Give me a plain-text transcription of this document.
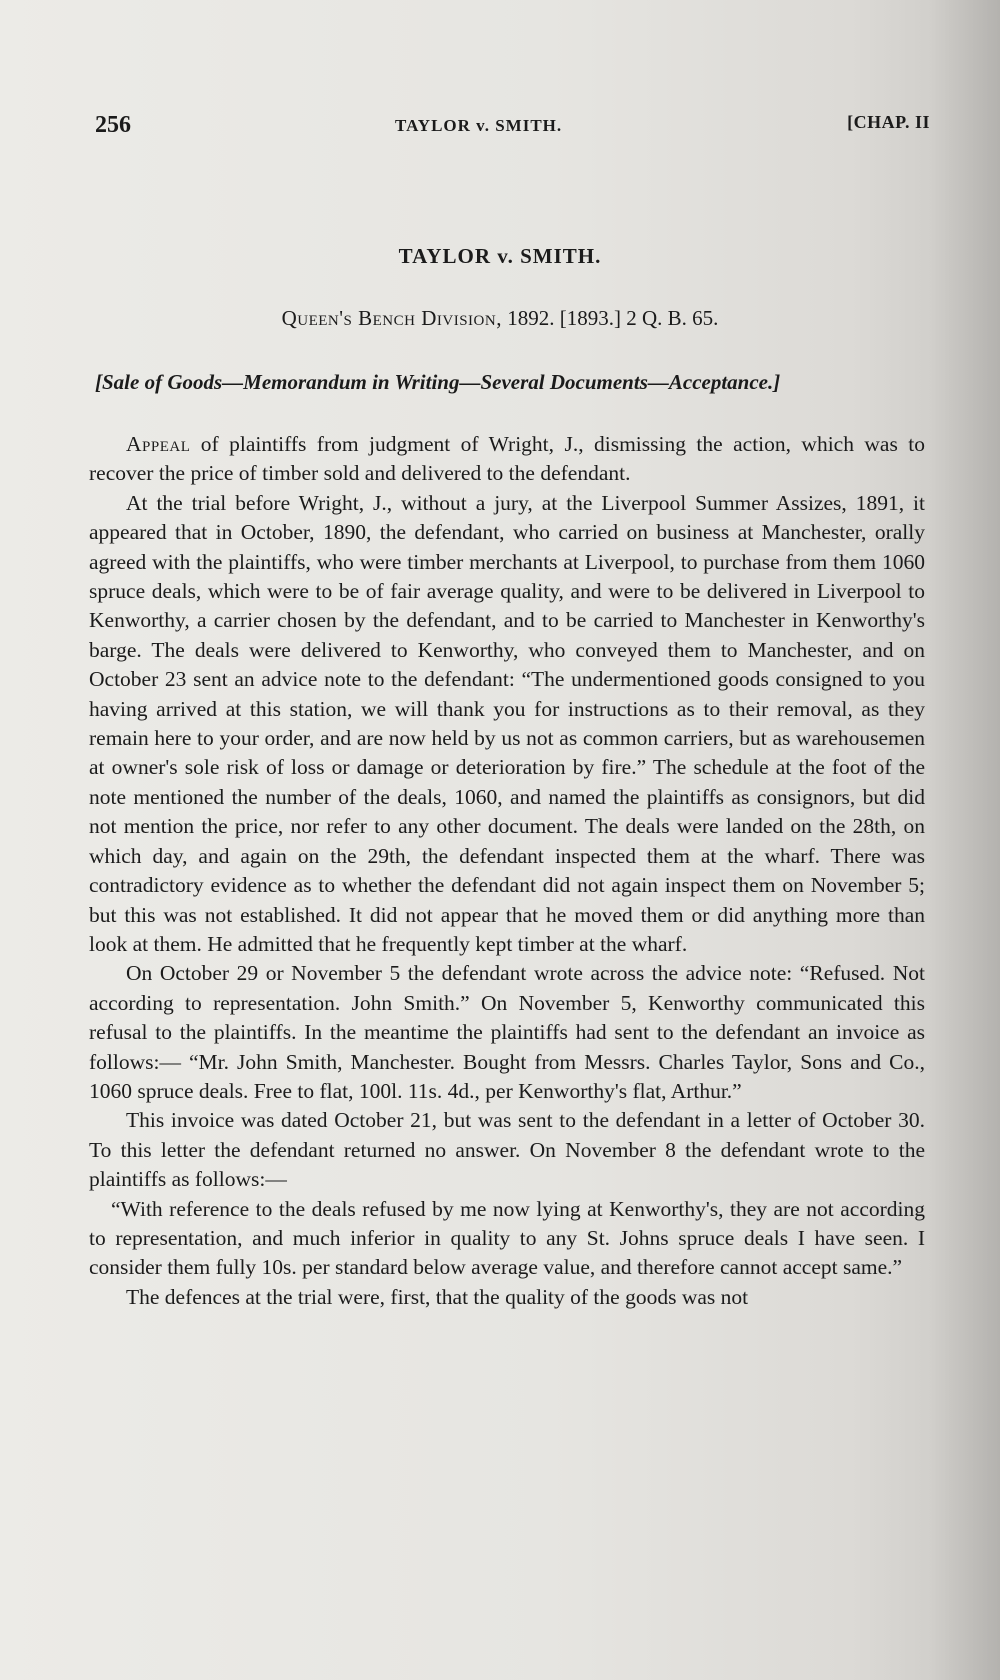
256	TAYLOR v. SMITH.	[CHAP. II
TAYLOR v. SMITH.
Queen's Bench Division, 1892. [1893.] 2 Q. B. 65.
[Sale of Goods—Memorandum in Writing—Several Documents—Acceptance.]

Appeal of plaintiffs from judgment of Wright, J., dismissing the action, which was to recover the price of timber sold and delivered to the defendant.

At the trial before Wright, J., without a jury, at the Liverpool Summer Assizes, 1891, it appeared that in October, 1890, the defendant, who carried on business at Manchester, orally agreed with the plaintiffs, who were timber merchants at Liverpool, to purchase from them 1060 spruce deals, which were to be of fair average quality, and were to be delivered in Liverpool to Kenworthy, a carrier chosen by the defendant, and to be carried to Manchester in Kenworthy's barge. The deals were delivered to Kenworthy, who conveyed them to Manchester, and on October 23 sent an advice note to the defendant: “The undermentioned goods consigned to you having arrived at this station, we will thank you for instructions as to their removal, as they remain here to your order, and are now held by us not as common carriers, but as warehousemen at owner's sole risk of loss or damage or deterioration by fire.” The schedule at the foot of the note mentioned the number of the deals, 1060, and named the plaintiffs as consignors, but did not mention the price, nor refer to any other document. The deals were landed on the 28th, on which day, and again on the 29th, the defendant inspected them at the wharf. There was contradictory evidence as to whether the defendant did not again inspect them on November 5; but this was not established. It did not appear that he moved them or did anything more than look at them. He admitted that he frequently kept timber at the wharf.

On October 29 or November 5 the defendant wrote across the advice note: “Refused. Not according to representation. John Smith.” On November 5, Kenworthy communicated this refusal to the plaintiffs. In the meantime the plaintiffs had sent to the defendant an invoice as follows:— “Mr. John Smith, Manchester. Bought from Messrs. Charles Taylor, Sons and Co., 1060 spruce deals. Free to flat, 100l. 11s. 4d., per Kenworthy's flat, Arthur.”

This invoice was dated October 21, but was sent to the defendant in a letter of October 30. To this letter the defendant returned no answer. On November 8 the defendant wrote to the plaintiffs as follows:—

“With reference to the deals refused by me now lying at Kenworthy's, they are not according to representation, and much inferior in quality to any St. Johns spruce deals I have seen. I consider them fully 10s. per standard below average value, and therefore cannot accept same.”

The defences at the trial were, first, that the quality of the goods was not
